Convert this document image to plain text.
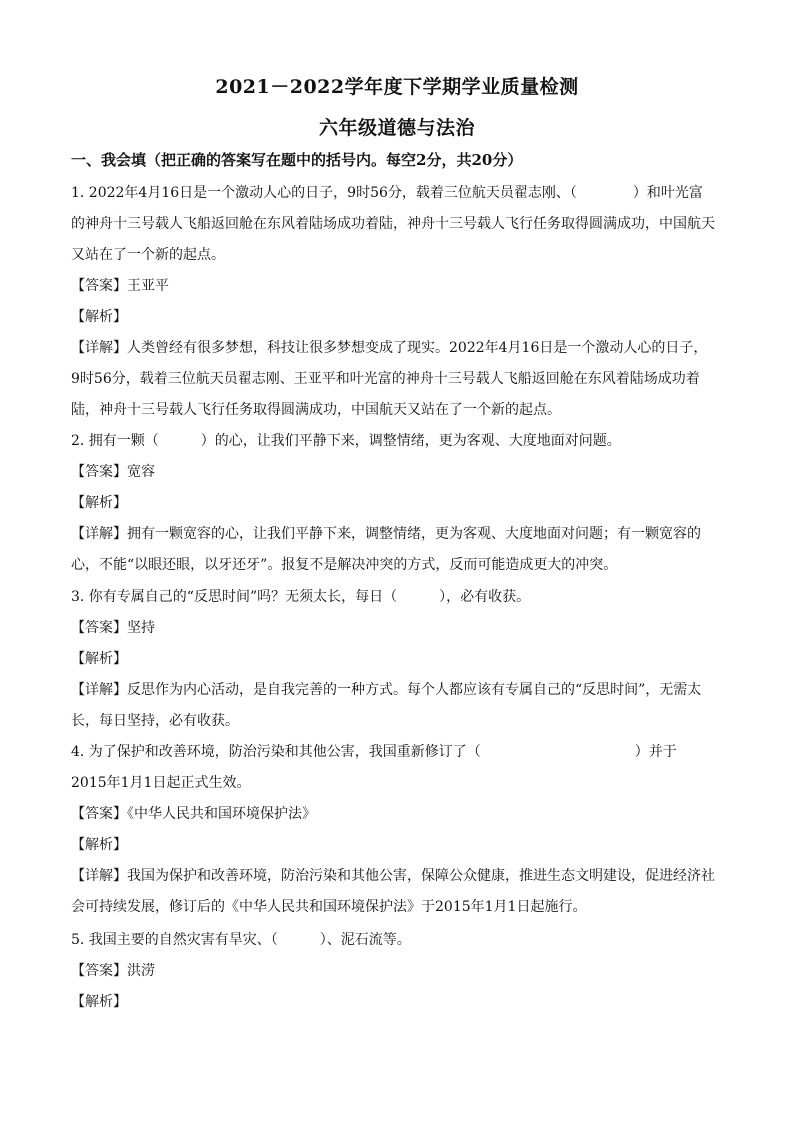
2021－2022学年度下学期学业质量检测
六年级道德与法治
一、我会填（把正确的答案写在题中的括号内。每空2分，共20分）
1. 2022年4月16日是一个激动人心的日子，9时56分，载着三位航天员翟志刚、（　　　　）和叶光富
的神舟十三号载人飞船返回舱在东风着陆场成功着陆，神舟十三号载人飞行任务取得圆满成功，中国航天
又站在了一个新的起点。
【答案】王亚平
【解析】
【详解】人类曾经有很多梦想，科技让很多梦想变成了现实。2022年4月16日是一个激动人心的日子，
9时56分，载着三位航天员翟志刚、王亚平和叶光富的神舟十三号载人飞船返回舱在东风着陆场成功着
陆，神舟十三号载人飞行任务取得圆满成功，中国航天又站在了一个新的起点。
2. 拥有一颗（　　　）的心，让我们平静下来，调整情绪，更为客观、大度地面对问题。
【答案】宽容
【解析】
【详解】拥有一颗宽容的心，让我们平静下来，调整情绪，更为客观、大度地面对问题；有一颗宽容的
心，不能“以眼还眼，以牙还牙”。报复不是解决冲突的方式，反而可能造成更大的冲突。
3. 你有专属自己的“反思时间”吗？无须太长，每日（　　　），必有收获。
【答案】坚持
【解析】
【详解】反思作为内心活动，是自我完善的一种方式。每个人都应该有专属自己的“反思时间”，无需太
长，每日坚持，必有收获。
4. 为了保护和改善环境，防治污染和其他公害，我国重新修订了（　　　　　　　　　　　）并于
2015年1月1日起正式生效。
【答案】《中华人民共和国环境保护法》
【解析】
【详解】我国为保护和改善环境，防治污染和其他公害，保障公众健康，推进生态文明建设，促进经济社
会可持续发展，修订后的《中华人民共和国环境保护法》于2015年1月1日起施行。
5. 我国主要的自然灾害有旱灾、（　　　）、泥石流等。
【答案】洪涝
【解析】
